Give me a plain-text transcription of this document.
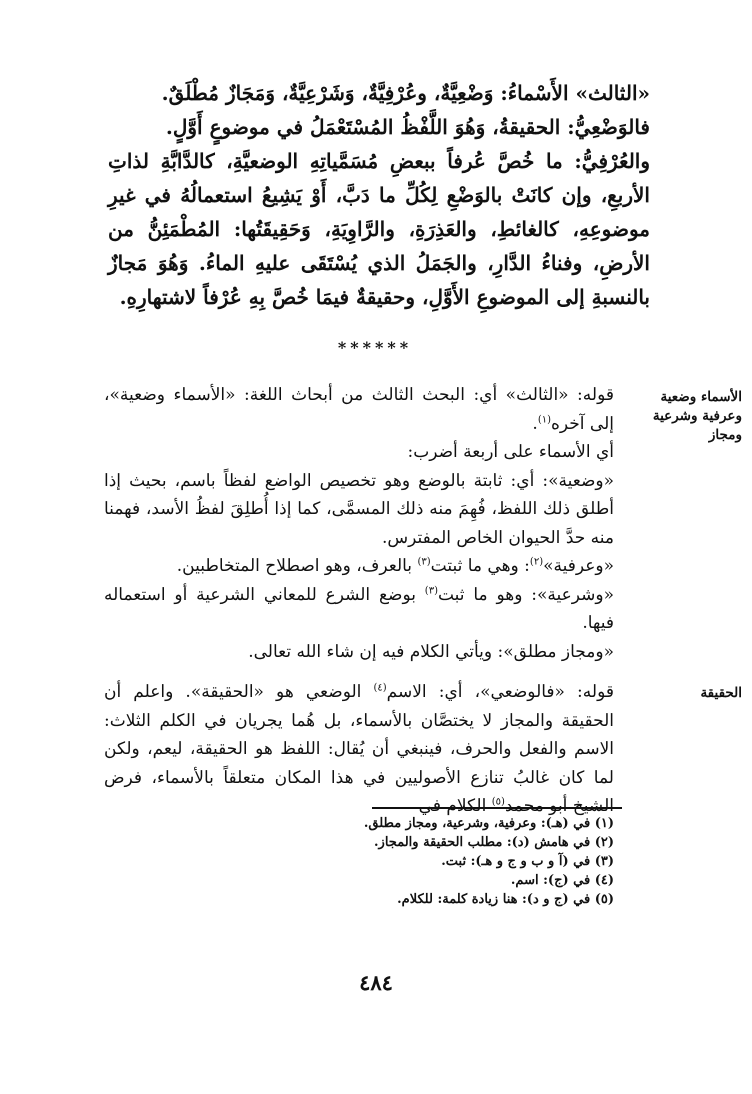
«الثالث» الأَسْماءُ: وَضْعِيَّةٌ، وعُرْفِيَّةٌ، وَشَرْعِيَّةٌ، وَمَجَازٌ مُطْلَقٌ.

فالوَضْعِيُّ: الحقيقةُ، وَهُوَ اللَّفْظُ المُسْتَعْمَلُ في موضوعٍ أَوَّلٍ.

والعُرْفِيُّ: ما خُصَّ عُرفاً ببعضِ مُسَمَّياتِهِ الوضعيَّةِ، كالدَّابَّةِ لذاتِ الأربعِ، وإن كانَتْ بالوَضْعِ لِكُلِّ ما دَبَّ، أَوْ يَشِيعُ استعمالُهُ في غيرِ موضوعِهِ، كالغائطِ، والعَذِرَةِ، والرَّاوِيَةِ، وَحَقِيقَتُها: المُطْمَئِنُّ من الأرضِ، وفناءُ الدَّارِ، والجَمَلُ الذي يُسْتَقَى عليهِ الماءُ. وَهُوَ مَجازٌ بالنسبةِ إلى الموضوعِ الأَوَّلِ، وحقيقةٌ فيمَا خُصَّ بِهِ عُرْفاً لاشتهارِهِ.

******
الأسماء وضعية وعرفية وشرعية ومجاز
الحقيقة

قوله: «الثالث» أي: البحث الثالث من أبحاث اللغة: «الأسماء وضعية»، إلى آخره$^{(١)}$.

أي الأسماء على أربعة أضرب:

«وضعية»: أي: ثابتة بالوضع وهو تخصيص الواضع لفظاً باسم، بحيث إذا أطلق ذلك اللفظ، فُهِمَ منه ذلك المسمَّى، كما إذا أُطلِقَ لفظُ الأسد، فهمنا منه حدَّ الحيوان الخاص المفترس.

«وعرفية»$^{(٢)}$: وهي ما ثبتت$^{(٣)}$ بالعرف، وهو اصطلاح المتخاطبين.

«وشرعية»: وهو ما ثبت$^{(٣)}$ بوضع الشرع للمعاني الشرعية أو استعماله فيها.

«ومجاز مطلق»: ويأتي الكلام فيه إن شاء الله تعالى.

قوله: «فالوضعي»، أي: الاسم$^{(٤)}$ الوضعي هو «الحقيقة». واعلم أن الحقيقة والمجاز لا يختصَّان بالأسماء، بل هُما يجريان في الكلم الثلاث: الاسم والفعل والحرف، فينبغي أن يُقال: اللفظ هو الحقيقة، ليعم، ولكن لما كان غالبُ تنازع الأصوليين في هذا المكان متعلقاً بالأسماء، فرض الشيخ أبو محمد$^{(٥)}$ الكلام في

(١) في (هـ): وعرفية، وشرعية، ومجاز مطلق.
(٢) في هامش (د): مطلب الحقيقة والمجاز.
(٣) في (آ و ب و ج و هـ): ثبت.
(٤) في (ج): اسم.
(٥) في (ج و د): هنا زيادة كلمة: للكلام.
٤٨٤
